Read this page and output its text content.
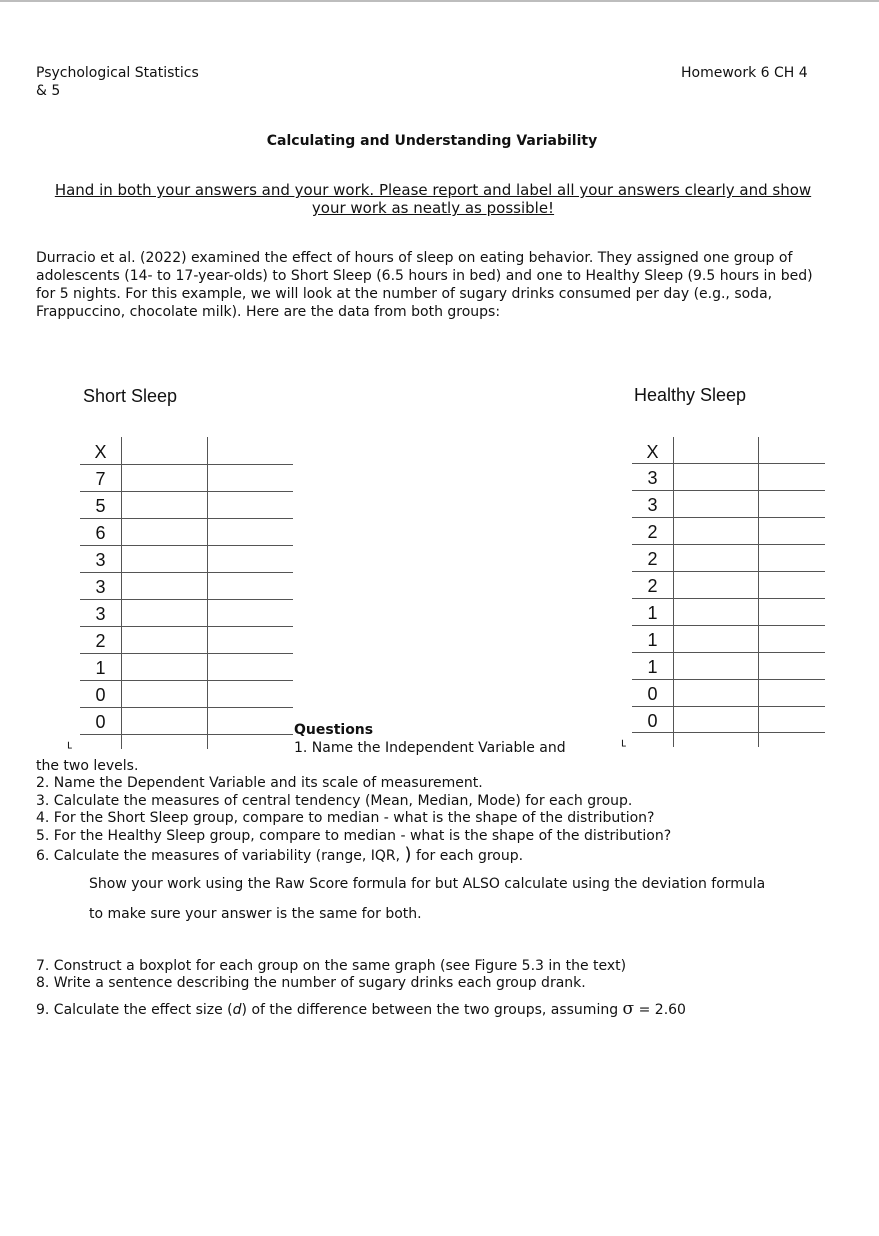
Psychological Statistics
& 5
Homework 6 CH 4
Calculating and Understanding Variability
Hand in both your answers and your work. Please report and label all your answers clearly and show your work as neatly as possible!
Durracio et al. (2022) examined the effect of hours of sleep on eating behavior. They assigned one group of adolescents (14- to 17-year-olds) to Short Sleep (6.5 hours in bed) and one to Healthy Sleep (9.5 hours in bed) for 5 nights. For this example, we will look at the number of sugary drinks consumed per day (e.g., soda, Frappuccino, chocolate milk). Here are the data from both groups:
Short Sleep	Healthy Sleep
X
7
5
6
3
3
3
2
1
0
0
⌐
X
3
3
2
2
2
1
1
1
0
0
⌐
Questions
1. Name the Independent Variable and
the two levels.
2. Name the Dependent Variable and its scale of measurement.
3. Calculate the measures of central tendency (Mean, Median, Mode) for each group.
4. For the Short Sleep group, compare to median - what is the shape of the distribution?
5. For the Healthy Sleep group, compare to median - what is the shape of the distribution?
6. Calculate the measures of variability (range, IQR, ) for each group.
Show your work using the Raw Score formula for but ALSO calculate using the deviation formula
to make sure your answer is the same for both.
7. Construct a boxplot for each group on the same graph (see Figure 5.3 in the text)
8. Write a sentence describing the number of sugary drinks each group drank.
9. Calculate the effect size (d) of the difference between the two groups, assuming σ = 2.60
